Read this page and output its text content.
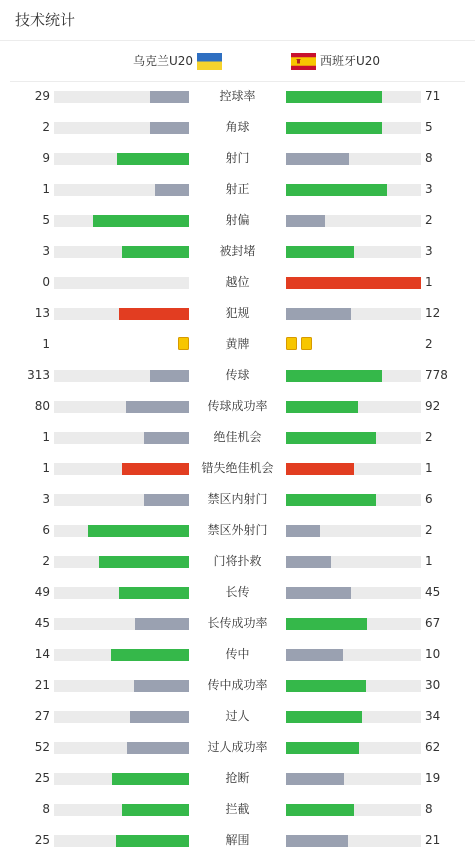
技术统计
乌克兰U20	西班牙U20
29	控球率	71
2	角球	5
9	射门	8
1	射正	3
5	射偏	2
3	被封堵	3
0	越位	1
13	犯规	12
1	黄牌	2
313	传球	778
80	传球成功率	92
1	绝佳机会	2
1	错失绝佳机会	1
3	禁区内射门	6
6	禁区外射门	2
2	门将扑救	1
49	长传	45
45	长传成功率	67
14	传中	10
21	传中成功率	30
27	过人	34
52	过人成功率	62
25	抢断	19
8	拦截	8
25	解围	21
